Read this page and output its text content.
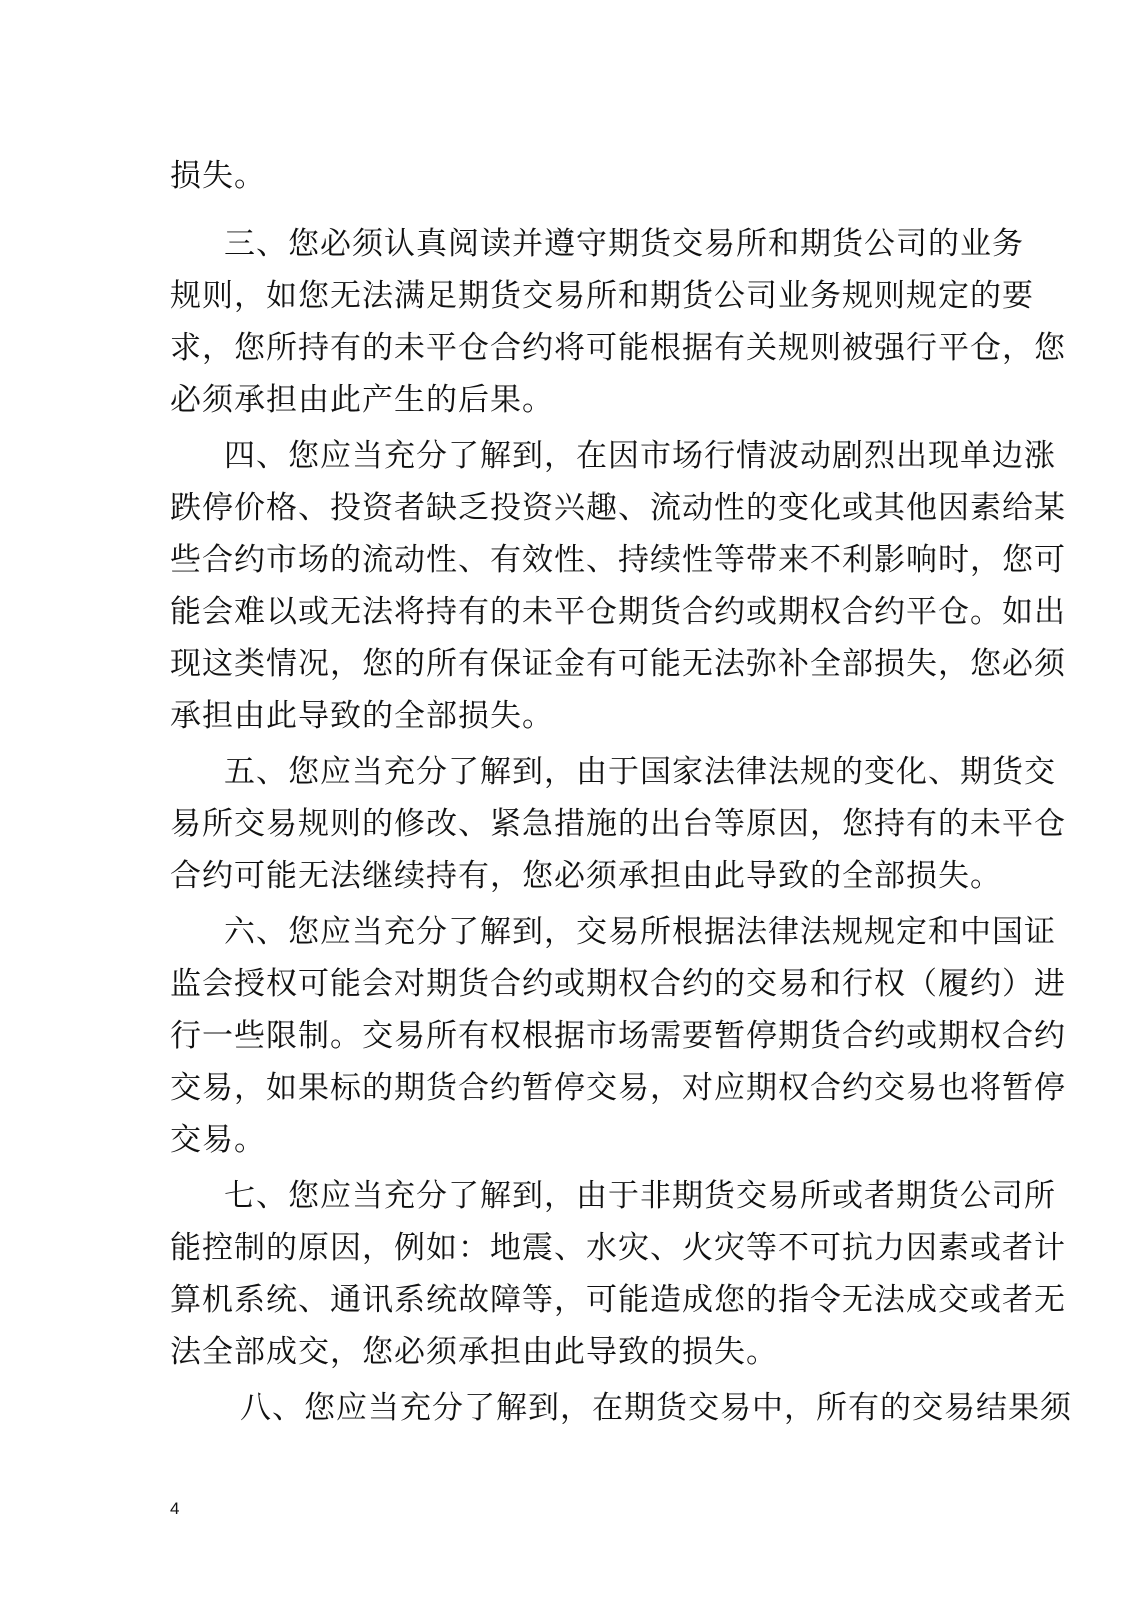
损失。
三、您必须认真阅读并遵守期货交易所和期货公司的业务
规则，如您无法满足期货交易所和期货公司业务规则规定的要
求，您所持有的未平仓合约将可能根据有关规则被强行平仓，您
必须承担由此产生的后果。
四、您应当充分了解到，在因市场行情波动剧烈出现单边涨
跌停价格、投资者缺乏投资兴趣、流动性的变化或其他因素给某
些合约市场的流动性、有效性、持续性等带来不利影响时，您可
能会难以或无法将持有的未平仓期货合约或期权合约平仓。如出
现这类情况，您的所有保证金有可能无法弥补全部损失，您必须
承担由此导致的全部损失。
五、您应当充分了解到，由于国家法律法规的变化、期货交
易所交易规则的修改、紧急措施的出台等原因，您持有的未平仓
合约可能无法继续持有，您必须承担由此导致的全部损失。
六、您应当充分了解到，交易所根据法律法规规定和中国证
监会授权可能会对期货合约或期权合约的交易和行权（履约）进
行一些限制。交易所有权根据市场需要暂停期货合约或期权合约
交易，如果标的期货合约暂停交易，对应期权合约交易也将暂停
交易。
七、您应当充分了解到，由于非期货交易所或者期货公司所
能控制的原因，例如：地震、水灾、火灾等不可抗力因素或者计
算机系统、通讯系统故障等，可能造成您的指令无法成交或者无
法全部成交，您必须承担由此导致的损失。
八、您应当充分了解到，在期货交易中，所有的交易结果须
4
